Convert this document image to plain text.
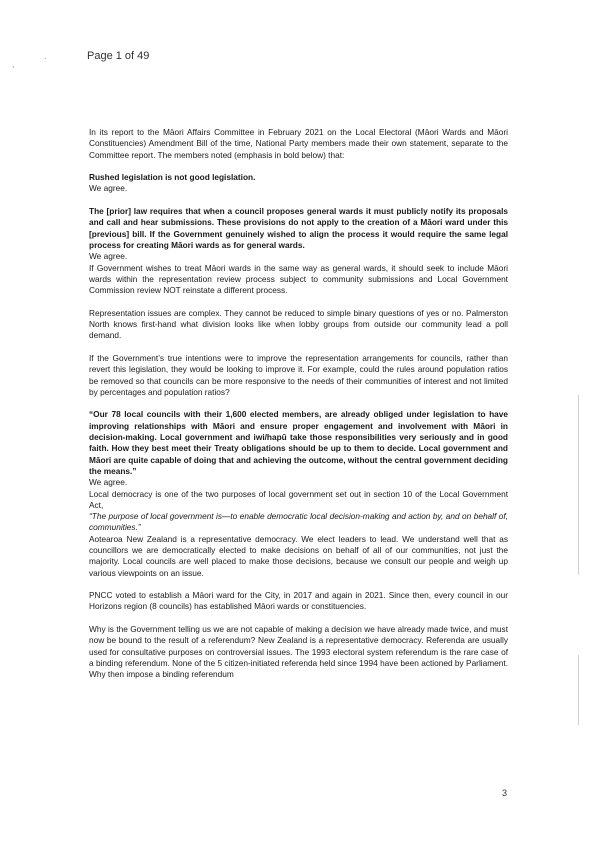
,
·	Page 1 of 49

In its report to the Māori Affairs Committee in February 2021 on the Local Electoral (Māori Wards and Māori Constituencies) Amendment Bill of the time, National Party members made their own statement, separate to the Committee report. The members noted (emphasis in bold below) that:

Rushed legislation is not good legislation.

We agree.

The [prior] law requires that when a council proposes general wards it must publicly notify its proposals and call and hear submissions. These provisions do not apply to the creation of a Māori ward under this [previous] bill. If the Government genuinely wished to align the process it would require the same legal process for creating Māori wards as for general wards.

We agree.

If Government wishes to treat Māori wards in the same way as general wards, it should seek to include Māori wards within the representation review process subject to community submissions and Local Government Commission review NOT reinstate a different process.

Representation issues are complex. They cannot be reduced to simple binary questions of yes or no. Palmerston North knows first-hand what division looks like when lobby groups from outside our community lead a poll demand.

If the Government’s true intentions were to improve the representation arrangements for councils, rather than revert this legislation, they would be looking to improve it. For example, could the rules around population ratios be removed so that councils can be more responsive to the needs of their communities of interest and not limited by percentages and population ratios?

“Our 78 local councils with their 1,600 elected members, are already obliged under legislation to have improving relationships with Māori and ensure proper engagement and involvement with Māori in decision-making. Local government and iwi/hapū take those responsibilities very seriously and in good faith. How they best meet their Treaty obligations should be up to them to decide. Local government and Māori are quite capable of doing that and achieving the outcome, without the central government deciding the means.”

We agree.

Local democracy is one of the two purposes of local government set out in section 10 of the Local Government Act,

“The purpose of local government is—to enable democratic local decision-making and action by, and on behalf of, communities.”

Aotearoa New Zealand is a representative democracy. We elect leaders to lead. We understand well that as councillors we are democratically elected to make decisions on behalf of all of our communities, not just the majority. Local councils are well placed to make those decisions, because we consult our people and weigh up various viewpoints on an issue.

PNCC voted to establish a Māori ward for the City, in 2017 and again in 2021. Since then, every council in our Horizons region (8 councils) has established Māori wards or constituencies.

Why is the Government telling us we are not capable of making a decision we have already made twice, and must now be bound to the result of a referendum? New Zealand is a representative democracy. Referenda are usually used for consultative purposes on controversial issues. The 1993 electoral system referendum is the rare case of a binding referendum. None of the 5 citizen-initiated referenda held since 1994 have been actioned by Parliament. Why then impose a binding referendum

3
